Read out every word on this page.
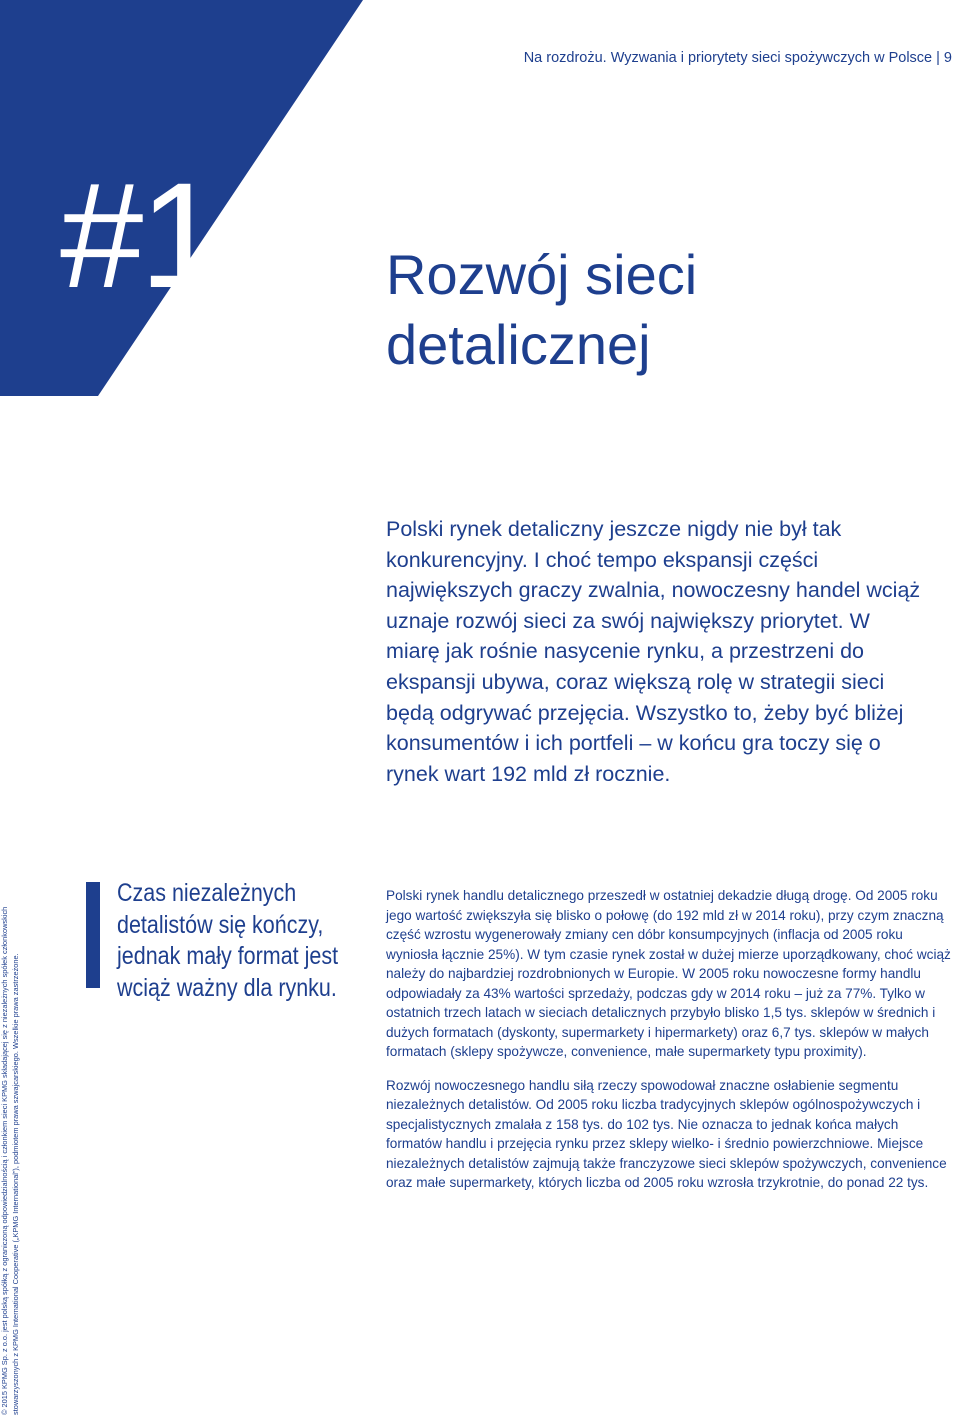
Na rozdrożu. Wyzwania i priorytety sieci spożywczych w Polsce | 9
#1	Rozwój sieci
detalicznej

Polski rynek detaliczny jeszcze nigdy nie był tak konkurencyjny. I choć tempo ekspansji części największych graczy zwalnia, nowoczesny handel wciąż uznaje rozwój sieci za swój największy priorytet. W miarę jak rośnie nasycenie rynku, a przestrzeni do ekspansji ubywa, coraz większą rolę w strategii sieci będą odgrywać przejęcia. Wszystko to, żeby być bliżej konsumentów i ich portfeli – w końcu gra toczy się o rynek wart 192 mld zł rocznie.

Czas niezależnych detalistów się kończy, jednak mały format jest wciąż ważny dla rynku.

Polski rynek handlu detalicznego przeszedł w ostatniej dekadzie długą drogę. Od 2005 roku jego wartość zwiększyła się blisko o połowę (do 192 mld zł w 2014 roku), przy czym znaczną część wzrostu wygenerowały zmiany cen dóbr konsumpcyjnych (inflacja od 2005 roku wyniosła łącznie 25%). W tym czasie rynek został w dużej mierze uporządkowany, choć wciąż należy do najbardziej rozdrobnionych w Europie. W 2005 roku nowoczesne formy handlu odpowiadały za 43% wartości sprzedaży, podczas gdy w 2014 roku – już za 77%. Tylko w ostatnich trzech latach w sieciach detalicznych przybyło blisko 1,5 tys. sklepów w średnich i dużych formatach (dyskonty, supermarkety i hipermarkety) oraz 6,7 tys. sklepów w małych formatach (sklepy spożywcze, convenience, małe supermarkety typu proximity).

Rozwój nowoczesnego handlu siłą rzeczy spowodował znaczne osłabienie segmentu niezależnych detalistów. Od 2005 roku liczba tradycyjnych sklepów ogólnospożywczych i specjalistycznych zmalała z 158 tys. do 102 tys. Nie oznacza to jednak końca małych formatów handlu i przejęcia rynku przez sklepy wielko- i średnio powierzchniowe. Miejsce niezależnych detalistów zajmują także franczyzowe sieci sklepów spożywczych, convenience oraz małe supermarkety, których liczba od 2005 roku wzrosła trzykrotnie, do ponad 22 tys.

© 2015 KPMG Sp. z o.o. jest polską spółką z ograniczoną odpowiedzialnością i członkiem sieci KPMG składającej się z niezależnych spółek członkowskich stowarzyszonych z KPMG International Cooperative („KPMG International”), podmiotem prawa szwajcarskiego. Wszelkie prawa zastrzeżone.
